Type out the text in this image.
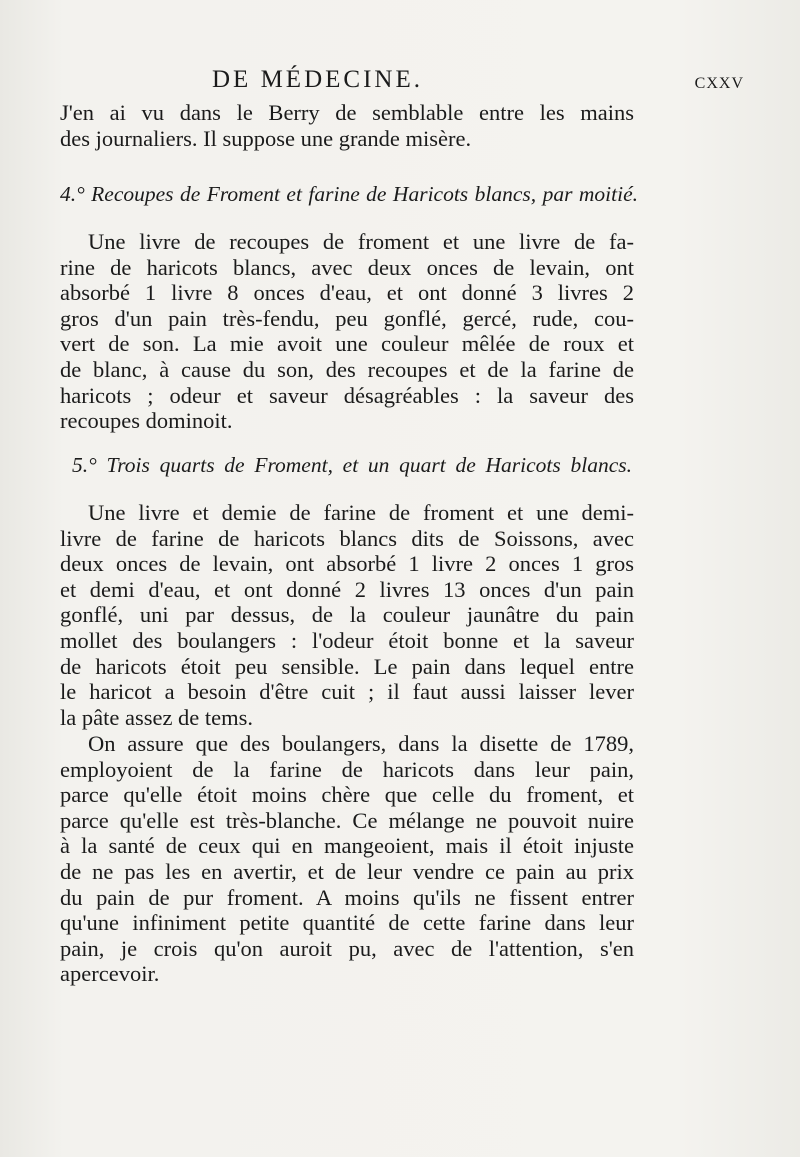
DE MÉDECINE.	cxxv
J'en ai vu dans le Berry de semblable entre les mains
des journaliers. Il suppose une grande misère.
4.° Recoupes de Froment et farine de Haricots blancs, par moitié.
Une livre de recoupes de froment et une livre de fa-
rine de haricots blancs, avec deux onces de levain, ont
absorbé 1 livre 8 onces d'eau, et ont donné 3 livres 2
gros d'un pain très-fendu, peu gonflé, gercé, rude, cou-
vert de son. La mie avoit une couleur mêlée de roux et
de blanc, à cause du son, des recoupes et de la farine de
haricots ; odeur et saveur désagréables : la saveur des
recoupes dominoit.
5.° Trois quarts de Froment, et un quart de Haricots blancs.
Une livre et demie de farine de froment et une demi-
livre de farine de haricots blancs dits de Soissons, avec
deux onces de levain, ont absorbé 1 livre 2 onces 1 gros
et demi d'eau, et ont donné 2 livres 13 onces d'un pain
gonflé, uni par dessus, de la couleur jaunâtre du pain
mollet des boulangers : l'odeur étoit bonne et la saveur
de haricots étoit peu sensible. Le pain dans lequel entre
le haricot a besoin d'être cuit ; il faut aussi laisser lever
la pâte assez de tems.
On assure que des boulangers, dans la disette de 1789,
employoient de la farine de haricots dans leur pain,
parce qu'elle étoit moins chère que celle du froment, et
parce qu'elle est très-blanche. Ce mélange ne pouvoit nuire
à la santé de ceux qui en mangeoient, mais il étoit injuste
de ne pas les en avertir, et de leur vendre ce pain au prix
du pain de pur froment. A moins qu'ils ne fissent entrer
qu'une infiniment petite quantité de cette farine dans leur
pain, je crois qu'on auroit pu, avec de l'attention, s'en
apercevoir.
